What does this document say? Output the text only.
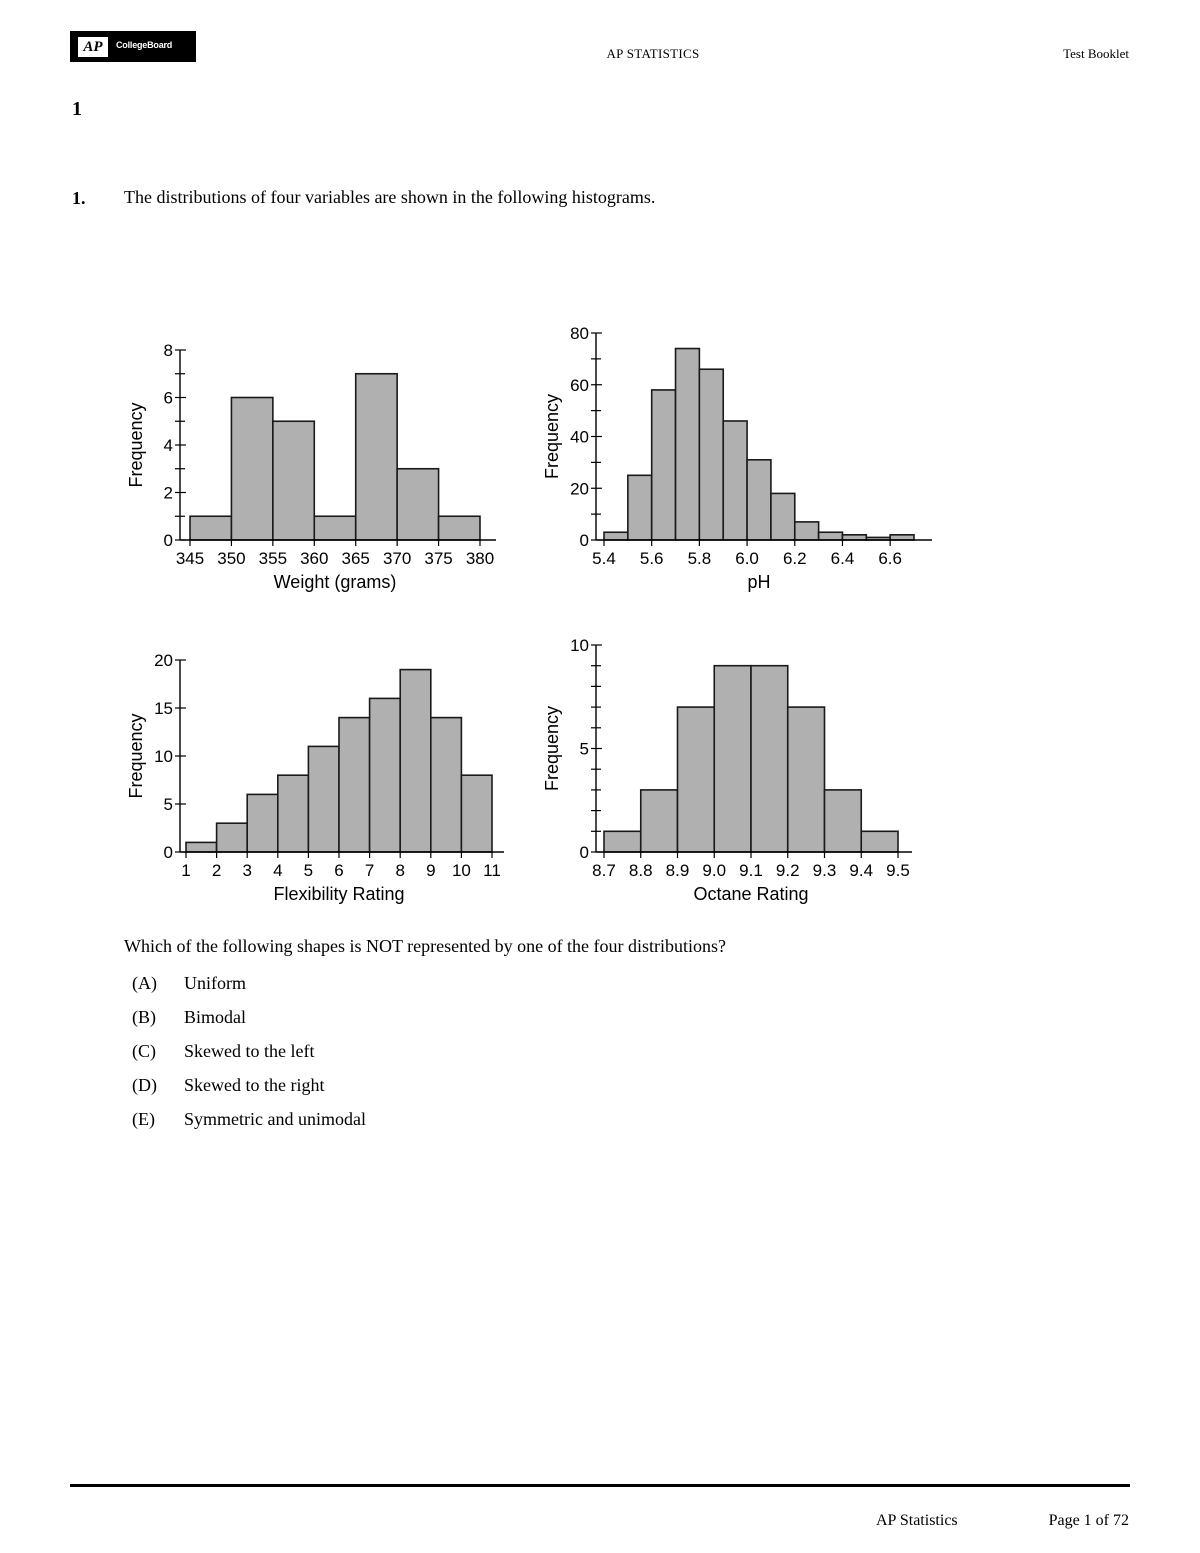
AP	CollegeBoard
AP STATISTICS	Test Booklet
1
1. The distributions of four variables are shown in the following histograms.
0
2
4
6
8
345 350 355 360 365 370 375 380
Weight (grams)
Frequency
0
20
40
60
80
5.4 5.6 5.8 6.0 6.2 6.4 6.6
pH
Frequency
0
5
10
15
20
1 2 3 4 5 6 7 8 9 10 11
Flexibility Rating
Frequency
0
5
10
8.7 8.8 8.9 9.0 9.1 9.2 9.3 9.4 9.5
Octane Rating
Frequency
Which of the following shapes is NOT represented by one of the four distributions?
(A) Uniform
(B) Bimodal
(C) Skewed to the left
(D) Skewed to the right
(E) Symmetric and unimodal
AP Statistics	Page 1 of 72
